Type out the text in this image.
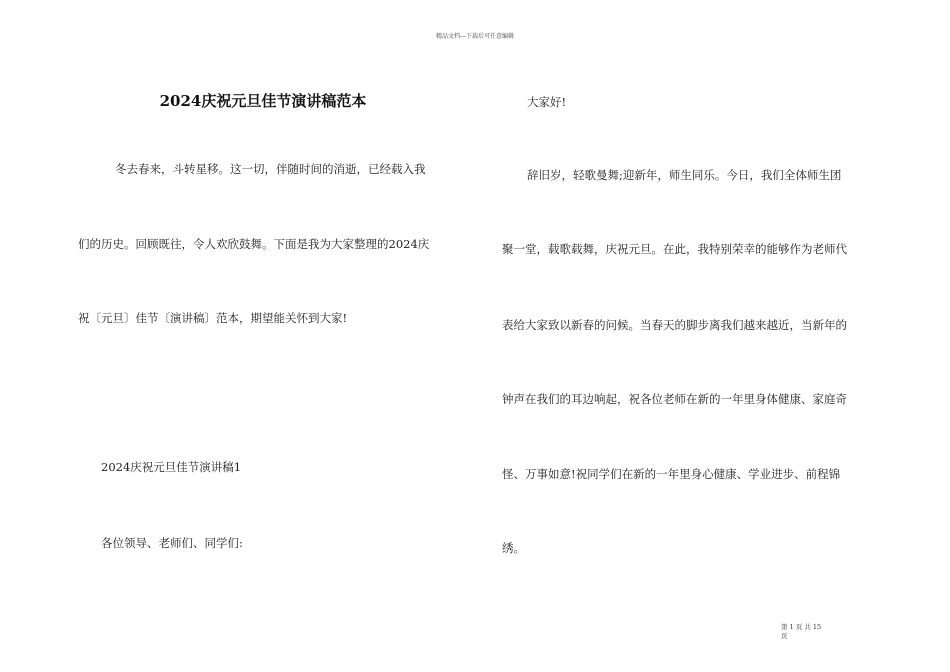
精品文档---下载后可任意编辑
2024庆祝元旦佳节演讲稿范本
冬去春来，斗转星移。这一切，伴随时间的消逝，已经载入我
们的历史。回顾既往，令人欢欣鼓舞。下面是我为大家整理的2024庆
祝〔元旦〕佳节〔演讲稿〕范本，期望能关怀到大家!
2024庆祝元旦佳节演讲稿1
各位领导、老师们、同学们:
大家好!
辞旧岁，轻歌曼舞;迎新年，师生同乐。今日，我们全体师生团
聚一堂，载歌载舞，庆祝元旦。在此，我特别荣幸的能够作为老师代
表给大家致以新春的问候。当春天的脚步离我们越来越近，当新年的
钟声在我们的耳边响起，祝各位老师在新的一年里身体健康、家庭奇
怪、万事如意!祝同学们在新的一年里身心健康、学业进步、前程锦
绣。
第 1 页 共 15
页
